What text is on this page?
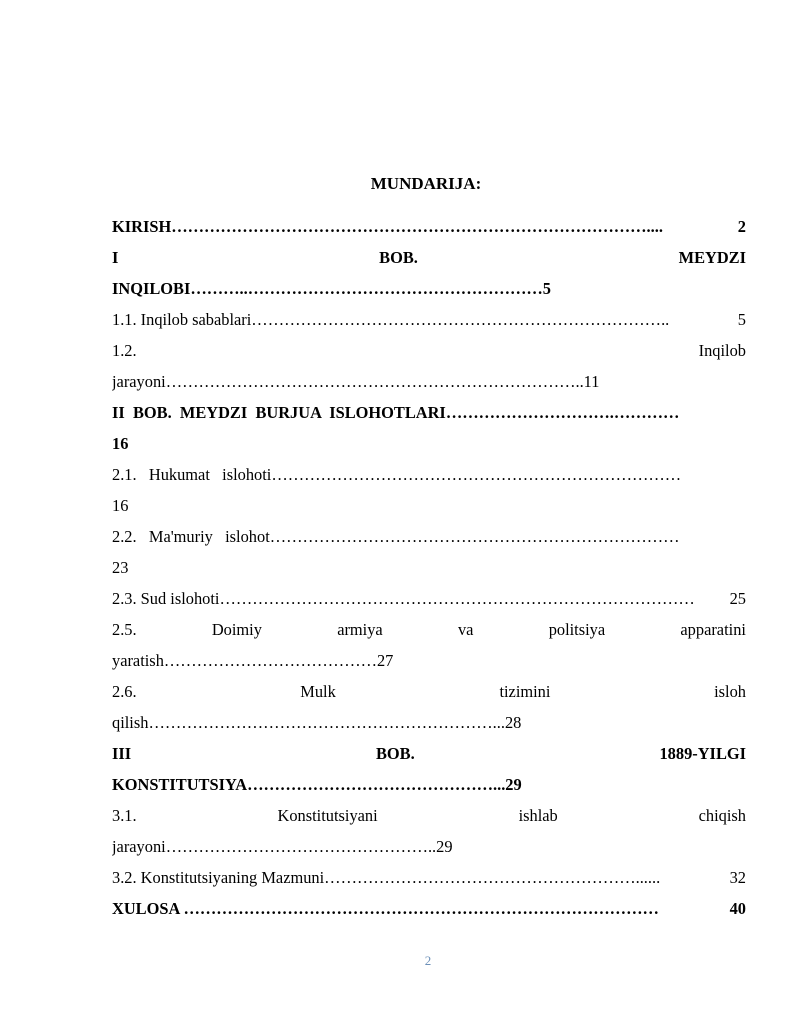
MUNDARIJA:
KIRISH ……………………………………………………………………………....	2
I	BOB.	MEYDZI
INQILOBI………..………………………………………………5
1.1. Inqilob sabablari …………………………………………………………………..	5
1.2.	Inqilob
jarayoni…………………………………………………………………..11
II  BOB.  MEYDZI  BURJUA  ISLOHOTLARI ………………………….…………
16
2.1.   Hukumat   islohoti …………………………………………………………………
16
2.2.   Ma'muriy   islohot …………………………………………………………………
23
2.3. Sud islohoti ……………………………………………………………………………	25
2.5.	Doimiy	armiya	va	politsiya	apparatini
yaratish…………………………………27
2.6.	Mulk	tizimini	isloh
qilish………………………………………………………...28
III	BOB.	1889-YILGI
KONSTITUTSIYA………………………………………...29
3.1.	Konstitutsiyani	ishlab	chiqish
jarayoni…………………………………………..29
3.2. Konstitutsiyaning Mazmuni …………………………………………………......	32
XULOSA ……………………………………………………………………………	40
2
